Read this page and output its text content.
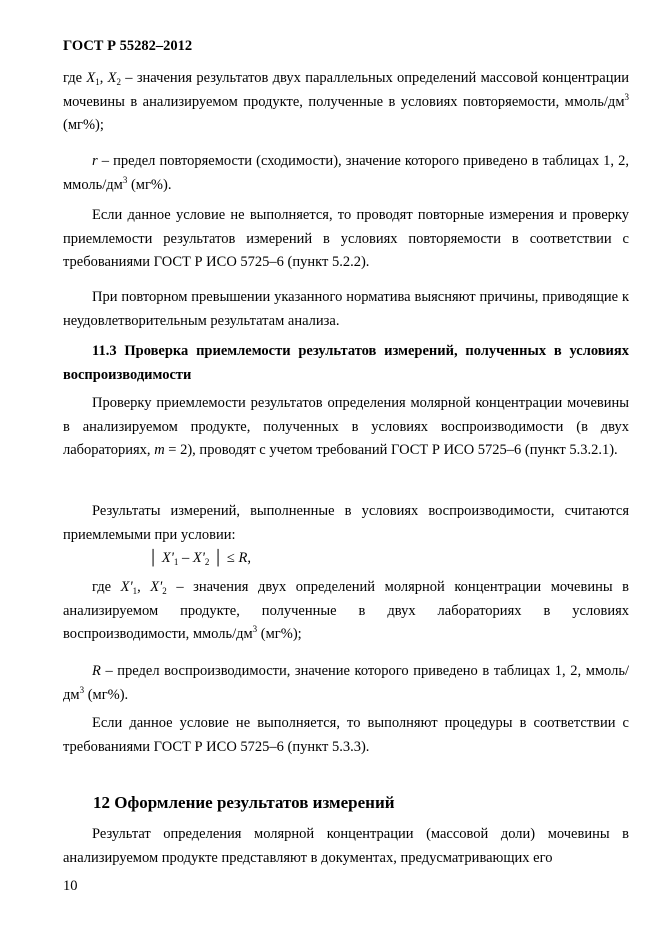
ГОСТ Р 55282–2012

где $X_1$, $X_2$ – значения результатов двух параллельных определений массовой концентрации мочевины в анализируемом продукте, полученные в условиях повторяемости, ммоль/$дм^3$ (мг%);

r – предел повторяемости (сходимости), значение которого приведено в таблицах 1, 2, ммоль/$дм^3$ (мг%).

Если данное условие не выполняется, то проводят повторные измерения и проверку приемлемости результатов измерений в условиях повторяемости в соответствии с требованиями ГОСТ Р ИСО 5725–6 (пункт 5.2.2).

При повторном превышении указанного норматива выясняют причины, приводящие к неудовлетворительным результатам анализа.

11.3 Проверка приемлемости результатов измерений, полученных в условиях воспроизводимости

Проверку приемлемости результатов определения молярной концентрации мочевины в анализируемом продукте, полученных в условиях воспроизводимости (в двух лабораториях, m = 2), проводят с учетом требований ГОСТ Р ИСО 5725–6 (пункт 5.3.2.1).

Результаты измерений, выполненные в условиях воспроизводимости, считаются приемлемыми при условии:

│ $X'_1 - X'_2$ │ ≤ R,

где $X'_1$, $X'_2$ – значения двух определений молярной концентрации мочевины в анализируемом продукте, полученные в двух лабораториях в условиях воспроизводимости, ммоль/$дм^3$ (мг%);

R – предел воспроизводимости, значение которого приведено в таблицах 1, 2, ммоль/$дм^3$ (мг%).

Если данное условие не выполняется, то выполняют процедуры в соответствии с требованиями ГОСТ Р ИСО 5725–6 (пункт 5.3.3).

12 Оформление результатов измерений

Результат определения молярной концентрации (массовой доли) мочевины в анализируемом продукте представляют в документах, предусматривающих его

10
